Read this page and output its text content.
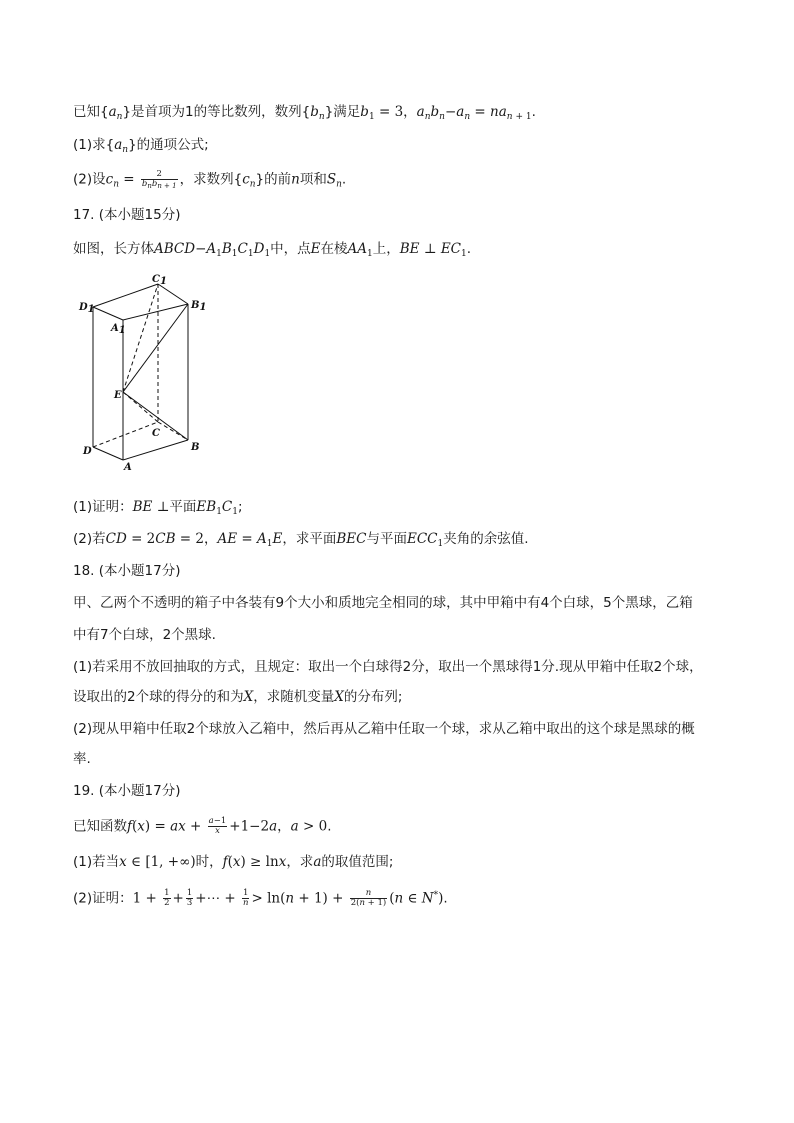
已知$\{a_n\}$是首项为1的等比数列，数列$\{b_n\}$满足$b_1 = 3$，$a_nb_n-a_n = na_{n + 1}$.
(1)求$\{a_n\}$的通项公式;
(2)设$c_n = \frac{2}{b_nb_{n + 1}}$ ，求数列$\{c_n\}$的前n项和$S_n$.
17. (本小题15分)
如图，长方体$ABCD-A_1B_1C_1D_1$中，点E在棱$AA_1$上，BE ⊥ $EC_1$.
C1
B1
D1
A1
E
C
D	B
A
(1)证明：BE ⊥平面$EB_1C_1$;
(2)若CD = 2CB = 2，AE = $A_1E$，求平面BEC与平面$ECC_1$夹角的余弦值.
18. (本小题17分)
甲、乙两个不透明的箱子中各装有9个大小和质地完全相同的球，其中甲箱中有4个白球，5个黑球，乙箱
中有7个白球，2个黑球.
(1)若采用不放回抽取的方式，且规定：取出一个白球得2分，取出一个黑球得1分.现从甲箱中任取2个球，
设取出的2个球的得分的和为X，求随机变量X的分布列;
(2)现从甲箱中任取2个球放入乙箱中，然后再从乙箱中任取一个球，求从乙箱中取出的这个球是黑球的概
率.
19. (本小题17分)
已知函数f(x) = ax + $\frac{a-1}{x} +1-2a$，a > 0.
(1)若当x ∈ [1, +∞)时，f(x) ≥ lnx，求a的取值范围;
(2)证明：$1 + \frac{1}{2} + \frac{1}{3}$ +⋯ + $\frac{1}{n} > \ln(n + 1) + \frac{n}{2(n + 1)} (n$ ∈ N*).
